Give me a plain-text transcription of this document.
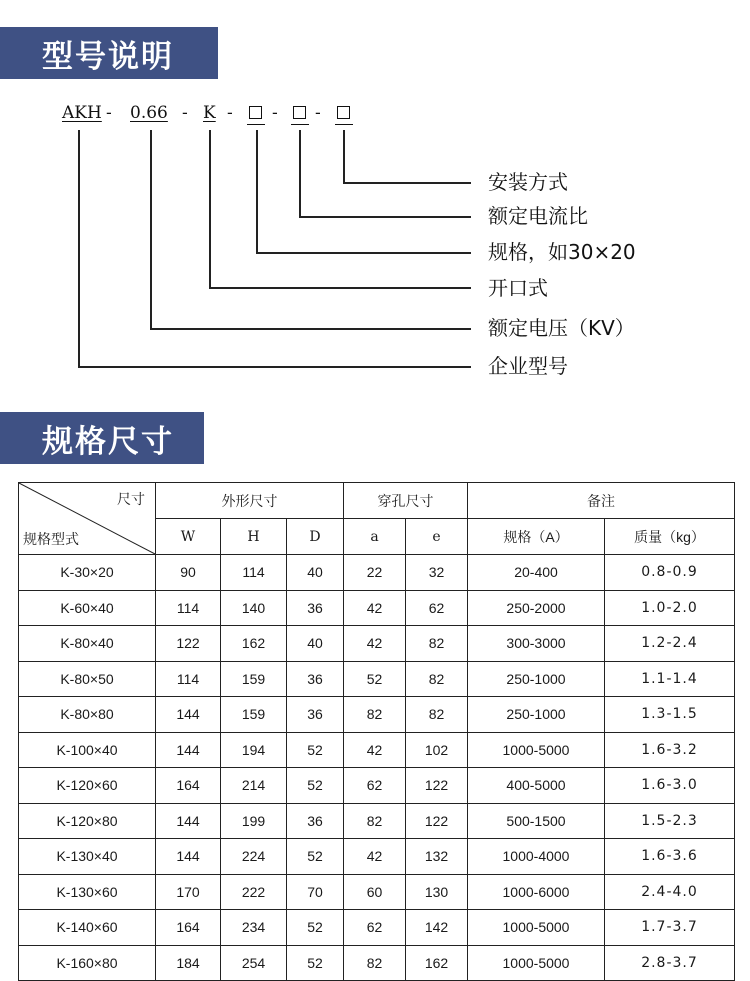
型号说明
AKH - 0.66 - K - - -
安装方式
额定电流比
规格，如30×20
开口式
额定电压（KV）
企业型号
规格尺寸
尺寸
规格型式	外形尺寸			穿孔尺寸		备注	
	W	H	D	a	e	规格（A）	质量（kg）
K-30×20	90	114	40	22	32	20-400	0.8-0.9
K-60×40	114	140	36	42	62	250-2000	1.0-2.0
K-80×40	122	162	40	42	82	300-3000	1.2-2.4
K-80×50	114	159	36	52	82	250-1000	1.1-1.4
K-80×80	144	159	36	82	82	250-1000	1.3-1.5
K-100×40	144	194	52	42	102	1000-5000	1.6-3.2
K-120×60	164	214	52	62	122	400-5000	1.6-3.0
K-120×80	144	199	36	82	122	500-1500	1.5-2.3
K-130×40	144	224	52	42	132	1000-4000	1.6-3.6
K-130×60	170	222	70	60	130	1000-6000	2.4-4.0
K-140×60	164	234	52	62	142	1000-5000	1.7-3.7
K-160×80	184	254	52	82	162	1000-5000	2.8-3.7
